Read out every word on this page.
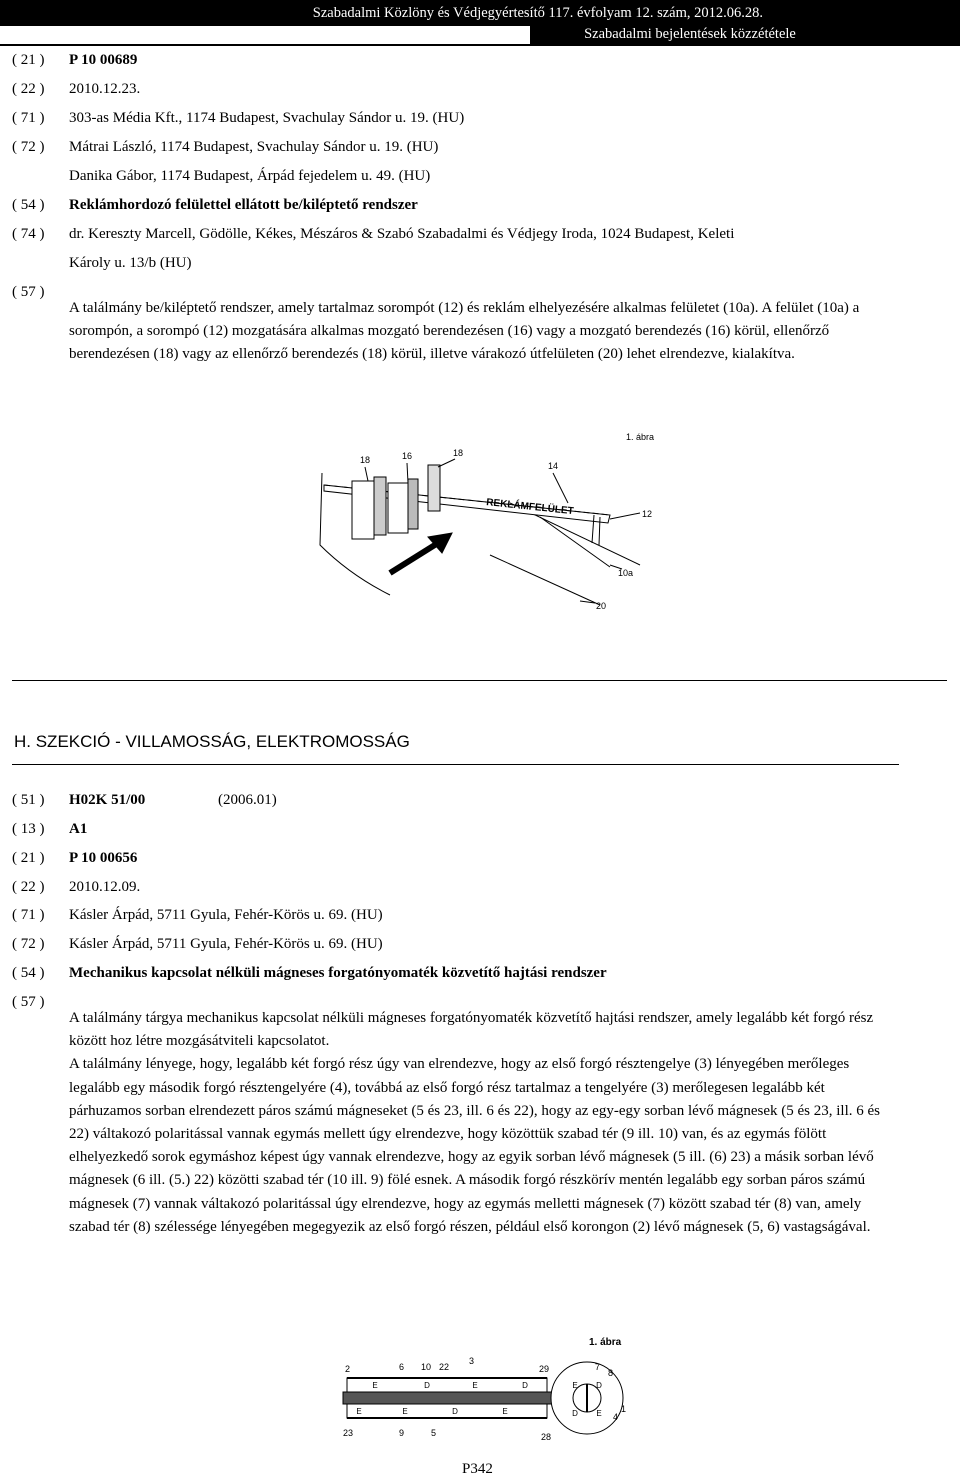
Szabadalmi Közlöny és Védjegyértesítő 117. évfolyam 12. szám, 2012.06.28.
Szabadalmi bejelentések közzététele
( 21 ) P 10 00689
( 22 ) 2010.12.23.
( 71 ) 303-as Média Kft., 1174 Budapest, Svachulay Sándor u. 19. (HU)
( 72 ) Mátrai László, 1174 Budapest, Svachulay Sándor u. 19. (HU)
Danika Gábor, 1174 Budapest, Árpád fejedelem u. 49. (HU)
( 54 ) Reklámhordozó felülettel ellátott be/kiléptető rendszer
( 74 ) dr. Kereszty Marcell, Gödölle, Kékes, Mészáros & Szabó Szabadalmi és Védjegy Iroda, 1024 Budapest, Keleti
Károly u. 13/b (HU)
( 57 )

A találmány be/kiléptető rendszer, amely tartalmaz sorompót (12) és reklám elhelyezésére alkalmas felületet (10a). A felület (10a) a sorompón, a sorompó (12) mozgatására alkalmas mozgató berendezésen (16) vagy a mozgató berendezés (16) körül, ellenőrző berendezésen (18) vagy az ellenőrző berendezés (18) körül, illetve várakozó útfelületen (20) lehet elrendezve, kialakítva.

1. ábra
REKLÁMFELÜLET
18	16	18
14
12
10a
20
H. SZEKCIÓ - VILLAMOSSÁG, ELEKTROMOSSÁG
( 51 ) H02K 51/00	(2006.01)
( 13 ) A1
( 21 ) P 10 00656
( 22 ) 2010.12.09.
( 71 ) Kásler Árpád, 5711 Gyula, Fehér-Körös u. 69. (HU)
( 72 ) Kásler Árpád, 5711 Gyula, Fehér-Körös u. 69. (HU)
( 54 ) Mechanikus kapcsolat nélküli mágneses forgatónyomaték közvetítő hajtási rendszer
( 57 )

A találmány tárgya mechanikus kapcsolat nélküli mágneses forgatónyomaték közvetítő hajtási rendszer, amely legalább két forgó rész között hoz létre mozgásátviteli kapcsolatot.

A találmány lényege, hogy, legalább két forgó rész úgy van elrendezve, hogy az első forgó résztengelye (3) lényegében merőleges legalább egy második forgó résztengelyére (4), továbbá az első forgó rész tartalmaz a tengelyére (3) merőlegesen legalább két párhuzamos sorban elrendezett páros számú mágneseket (5 és 23, ill. 6 és 22), hogy az egy-egy sorban lévő mágnesek (5 és 23, ill. 6 és 22) váltakozó polaritással vannak egymás mellett úgy elrendezve, hogy közöttük szabad tér (9 ill. 10) van, és az egymás fölött elhelyezkedő sorok egymáshoz képest úgy vannak elrendezve, hogy az egyik sorban lévő mágnesek (5 ill. (6) 23) a másik sorban lévő mágnesek (6 ill. (5.) 22) közötti szabad tér (10 ill. 9) fölé esnek. A második forgó részkörív mentén legalább egy sorban páros számú mágnesek (7) vannak váltakozó polaritással úgy elrendezve, hogy az egymás melletti mágnesek (7) között szabad tér (8) van, amely szabad tér (8) szélessége lényegében megegyezik az első forgó részen, például első korongon (2) lévő mágnesek (5, 6) vastagságával.

1. ábra
E	D	E	D
E	E	D	E
E D
D E
2	6 10 22
3
29	7
8
23	9	5	28
4
1
P342
